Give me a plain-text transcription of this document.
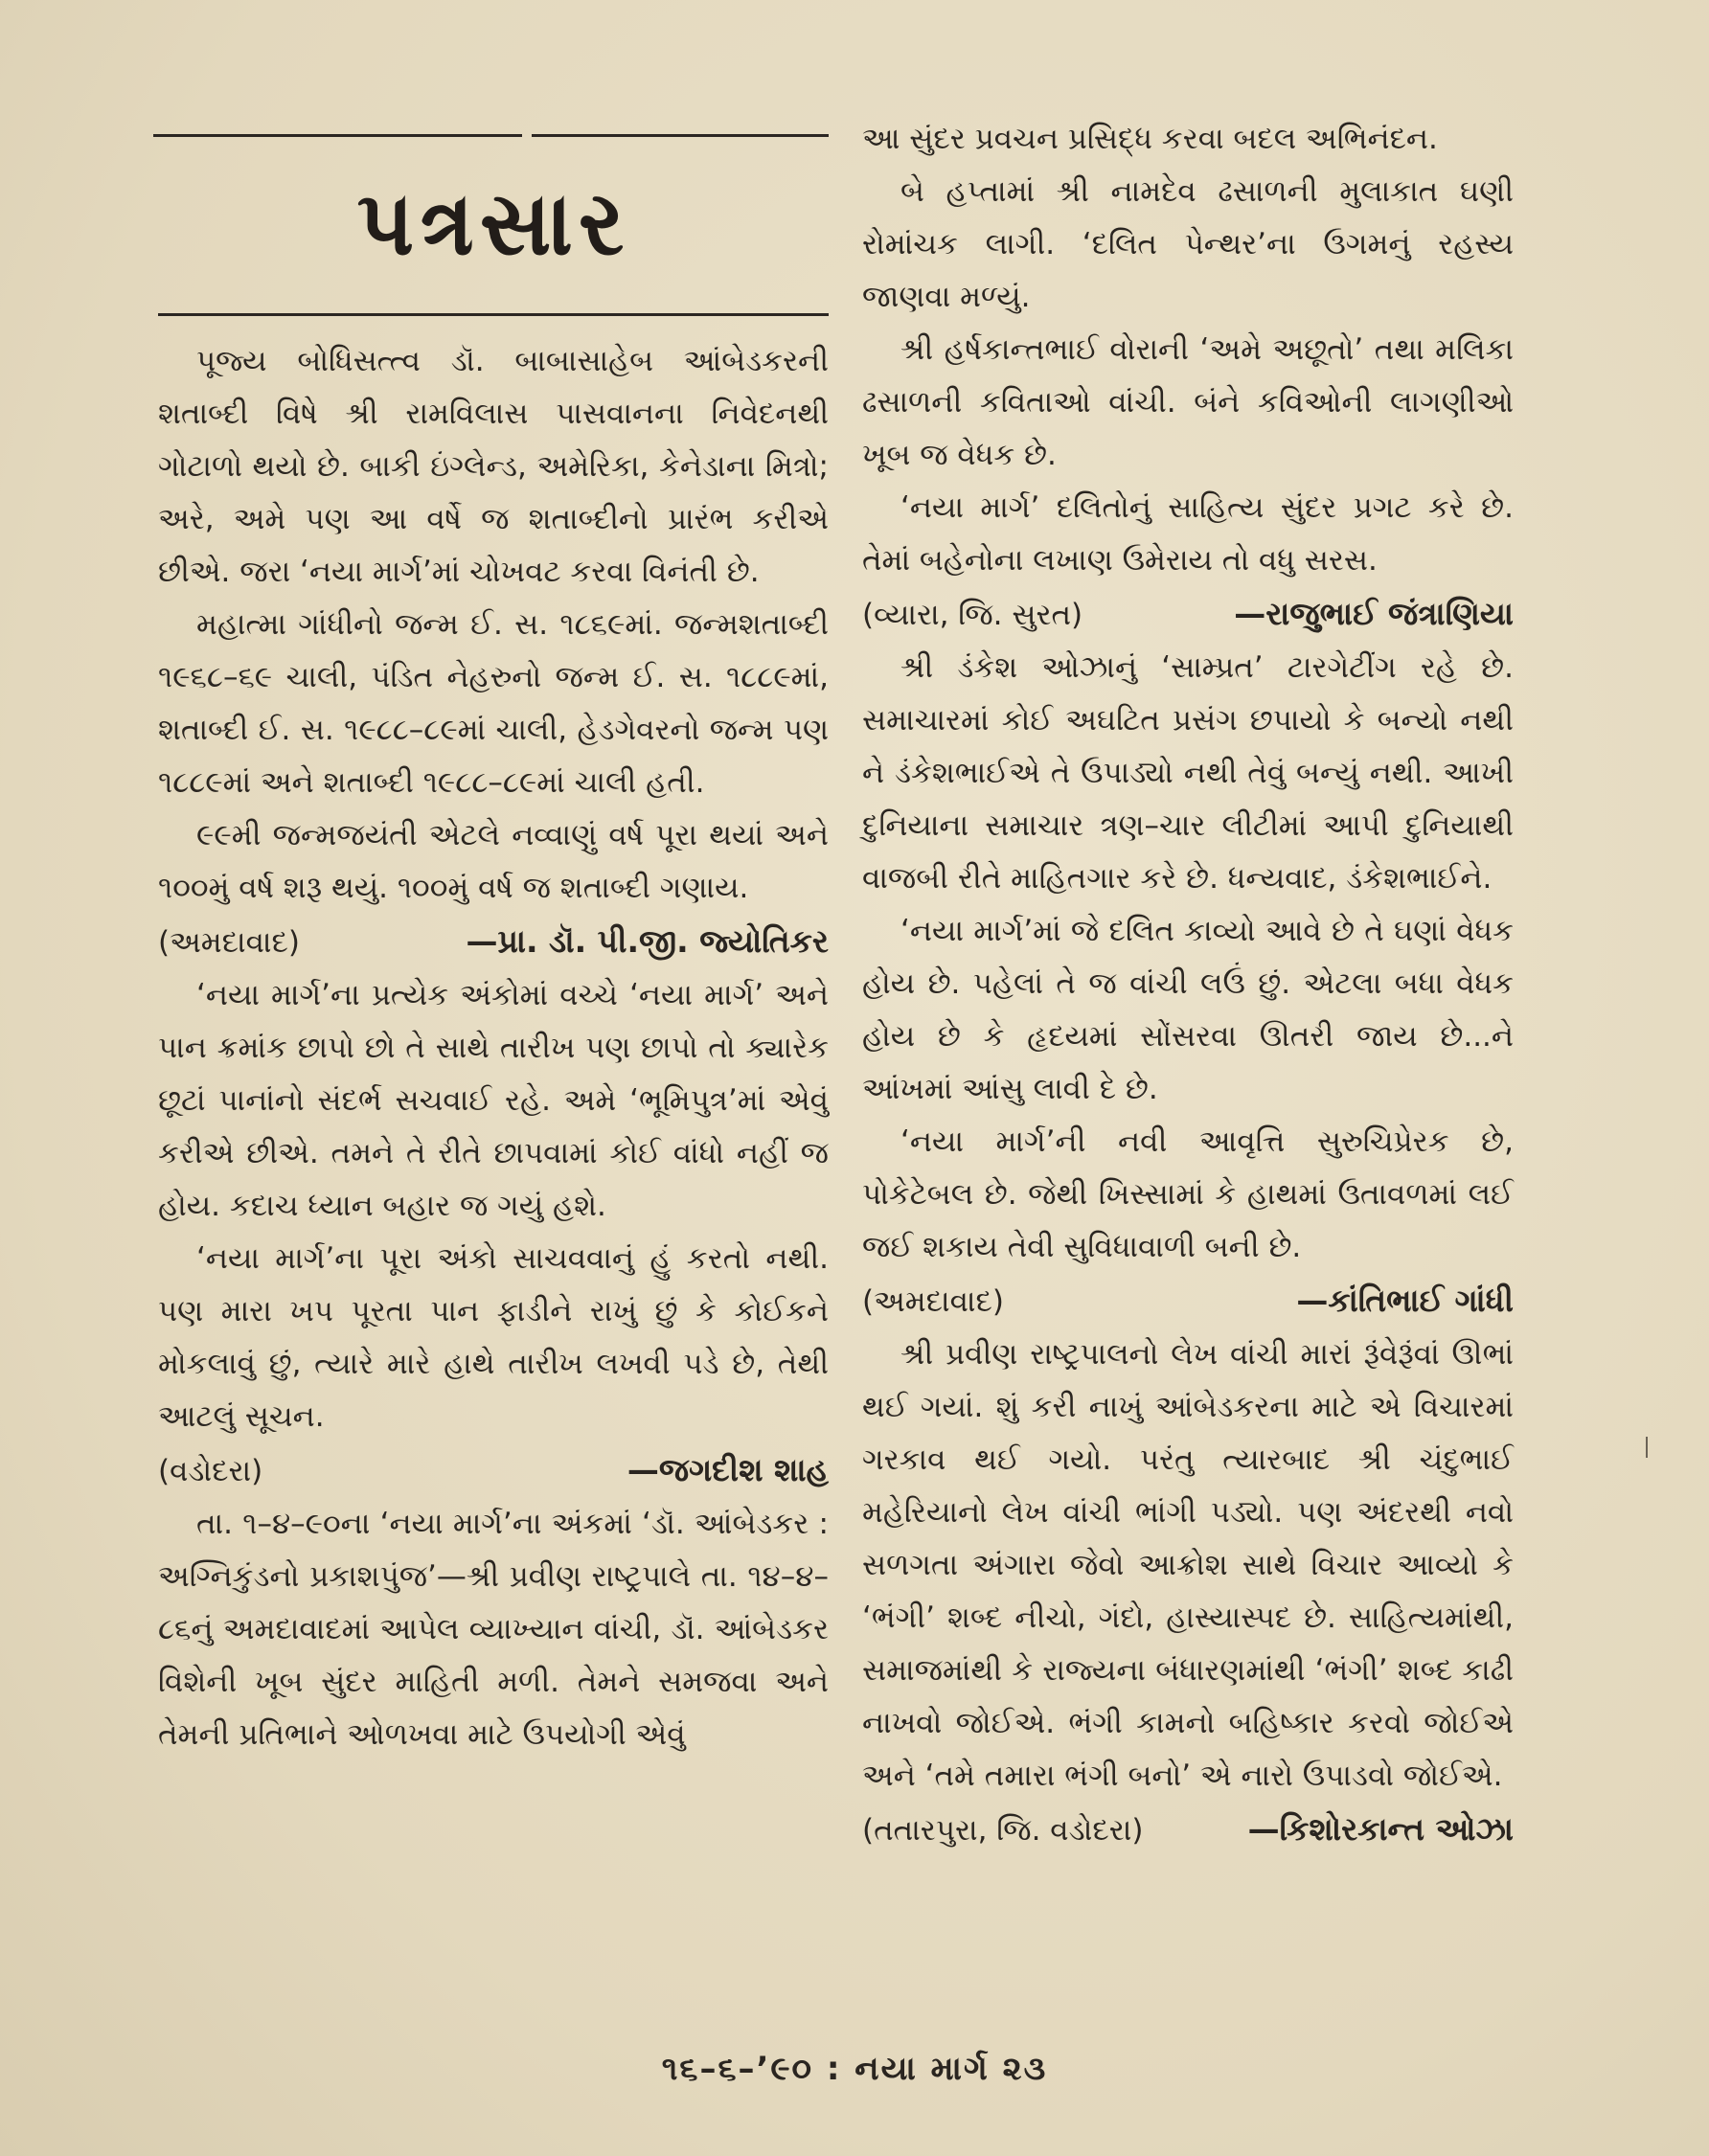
પત્રસાર

પૂજ્ય બોધિસત્ત્વ ડૉ. બાબાસાહેબ આંબેડકરની શતાબ્દી વિષે શ્રી રામવિલાસ પાસવાનના નિવેદનથી ગોટાળો થયો છે. બાકી ઇંગ્લેન્ડ, અમેરિકા, કેનેડાના મિત્રો; અરે, અમે પણ આ વર્ષે જ શતાબ્દીનો પ્રારંભ કરીએ છીએ. જરા ‘નયા માર્ગ’માં ચોખવટ કરવા વિનંતી છે.

મહાત્મા ગાંધીનો જન્મ ઈ. સ. ૧૮૬૯માં. જન્મશતાબ્દી ૧૯૬૮–૬૯ ચાલી, પંડિત નેહરુનો જન્મ ઈ. સ. ૧૮૮૯માં, શતાબ્દી ઈ. સ. ૧૯૮૮–૮૯માં ચાલી, હેડગેવરનો જન્મ પણ ૧૮૮૯માં અને શતાબ્દી ૧૯૮૮–૮૯માં ચાલી હતી.

૯૯મી જન્મજયંતી એટલે નવ્વાણું વર્ષ પૂરા થયાં અને ૧૦૦મું વર્ષ શરૂ થયું. ૧૦૦મું વર્ષ જ શતાબ્દી ગણાય.

(અમદાવાદ)	—પ્રા. ડૉ. પી.જી. જ્યોતિકર

‘નયા માર્ગ’ના પ્રત્યેક અંકોમાં વચ્ચે ‘નયા માર્ગ’ અને પાન ક્રમાંક છાપો છો તે સાથે તારીખ પણ છાપો તો ક્યારેક છૂટાં પાનાંનો સંદર્ભ સચવાઈ રહે. અમે ‘ભૂમિપુત્ર’માં એવું કરીએ છીએ. તમને તે રીતે છાપવામાં કોઈ વાંધો નહીં જ હોય. કદાચ ધ્યાન બહાર જ ગયું હશે.

‘નયા માર્ગ’ના પૂરા અંકો સાચવવાનું હું કરતો નથી. પણ મારા ખપ પૂરતા પાન ફાડીને રાખું છું કે કોઈકને મોકલાવું છું, ત્યારે મારે હાથે તારીખ લખવી પડે છે, તેથી આટલું સૂચન.

(વડોદરા)	—જગદીશ શાહ

તા. ૧–૪–૯૦ના ‘નયા માર્ગ’ના અંકમાં ‘ડૉ. આંબેડકર : અગ્નિકુંડનો પ્રકાશપુંજ’—શ્રી પ્રવીણ રાષ્ટ્રપાલે તા. ૧૪–૪–૮૬નું અમદાવાદમાં આપેલ વ્યાખ્યાન વાંચી, ડૉ. આંબેડકર વિશેની ખૂબ સુંદર માહિતી મળી. તેમને સમજવા અને તેમની પ્રતિભાને ઓળખવા માટે ઉપયોગી એવું

આ સુંદર પ્રવચન પ્રસિદ્ધ કરવા બદલ અભિનંદન.

બે હપ્તામાં શ્રી નામદેવ ઢસાળની મુલાકાત ઘણી રોમાંચક લાગી. ‘દલિત પેન્થર’ના ઉગમનું રહસ્ય જાણવા મળ્યું.

શ્રી હર્ષકાન્તભાઈ વોરાની ‘અમે અછૂતો’ તથા મલિકા ઢસાળની કવિતાઓ વાંચી. બંને કવિઓની લાગણીઓ ખૂબ જ વેધક છે.

‘નયા માર્ગ’ દલિતોનું સાહિત્ય સુંદર પ્રગટ કરે છે. તેમાં બહેનોના લખાણ ઉમેરાય તો વધુ સરસ.

(વ્યારા, જિ. સુરત)	—રાજુભાઈ જંત્રાણિયા

શ્રી ડંકેશ ઓઝાનું ‘સામ્પ્રત’ ટારગેટીંગ રહે છે. સમાચારમાં કોઈ અઘટિત પ્રસંગ છપાયો કે બન્યો નથી ને ડંકેશભાઈએ તે ઉપાડ્યો નથી તેવું બન્યું નથી. આખી દુનિયાના સમાચાર ત્રણ–ચાર લીટીમાં આપી દુનિયાથી વાજબી રીતે માહિતગાર કરે છે. ધન્યવાદ, ડંકેશભાઈને.

‘નયા માર્ગ’માં જે દલિત કાવ્યો આવે છે તે ઘણાં વેધક હોય છે. પહેલાં તે જ વાંચી લઉં છું. એટલા બધા વેધક હોય છે કે હૃદયમાં સોંસરવા ઊતરી જાય છે...ને આંખમાં આંસુ લાવી દે છે.

‘નયા માર્ગ’ની નવી આવૃત્તિ સુરુચિપ્રેરક છે, પોકેટેબલ છે. જેથી ખિસ્સામાં કે હાથમાં ઉતાવળમાં લઈ જઈ શકાય તેવી સુવિધાવાળી બની છે.

(અમદાવાદ)	—કાંતિભાઈ ગાંધી

શ્રી પ્રવીણ રાષ્ટ્રપાલનો લેખ વાંચી મારાં રૂંવેરૂંવાં ઊભાં થઈ ગયાં. શું કરી નાખું આંબેડકરના માટે એ વિચારમાં ગરકાવ થઈ ગયો. પરંતુ ત્યારબાદ શ્રી ચંદુભાઈ મહેરિયાનો લેખ વાંચી ભાંગી પડ્યો. પણ અંદરથી નવો સળગતા અંગારા જેવો આક્રોશ સાથે વિચાર આવ્યો કે ‘ભંગી’ શબ્દ નીચો, ગંદો, હાસ્યાસ્પદ છે. સાહિત્યમાંથી, સમાજમાંથી કે રાજ્યના બંધારણમાંથી ‘ભંગી’ શબ્દ કાઢી નાખવો જોઈએ. ભંગી કામનો બહિષ્કાર કરવો જોઈએ અને ‘તમે તમારા ભંગી બનો’ એ નારો ઉપાડવો જોઈએ.

(તતારપુરા, જિ. વડોદરા)	—કિશોરકાન્ત ઓઝા
૧૬–૬–’૯૦ : નયા માર્ગ ૨૩
